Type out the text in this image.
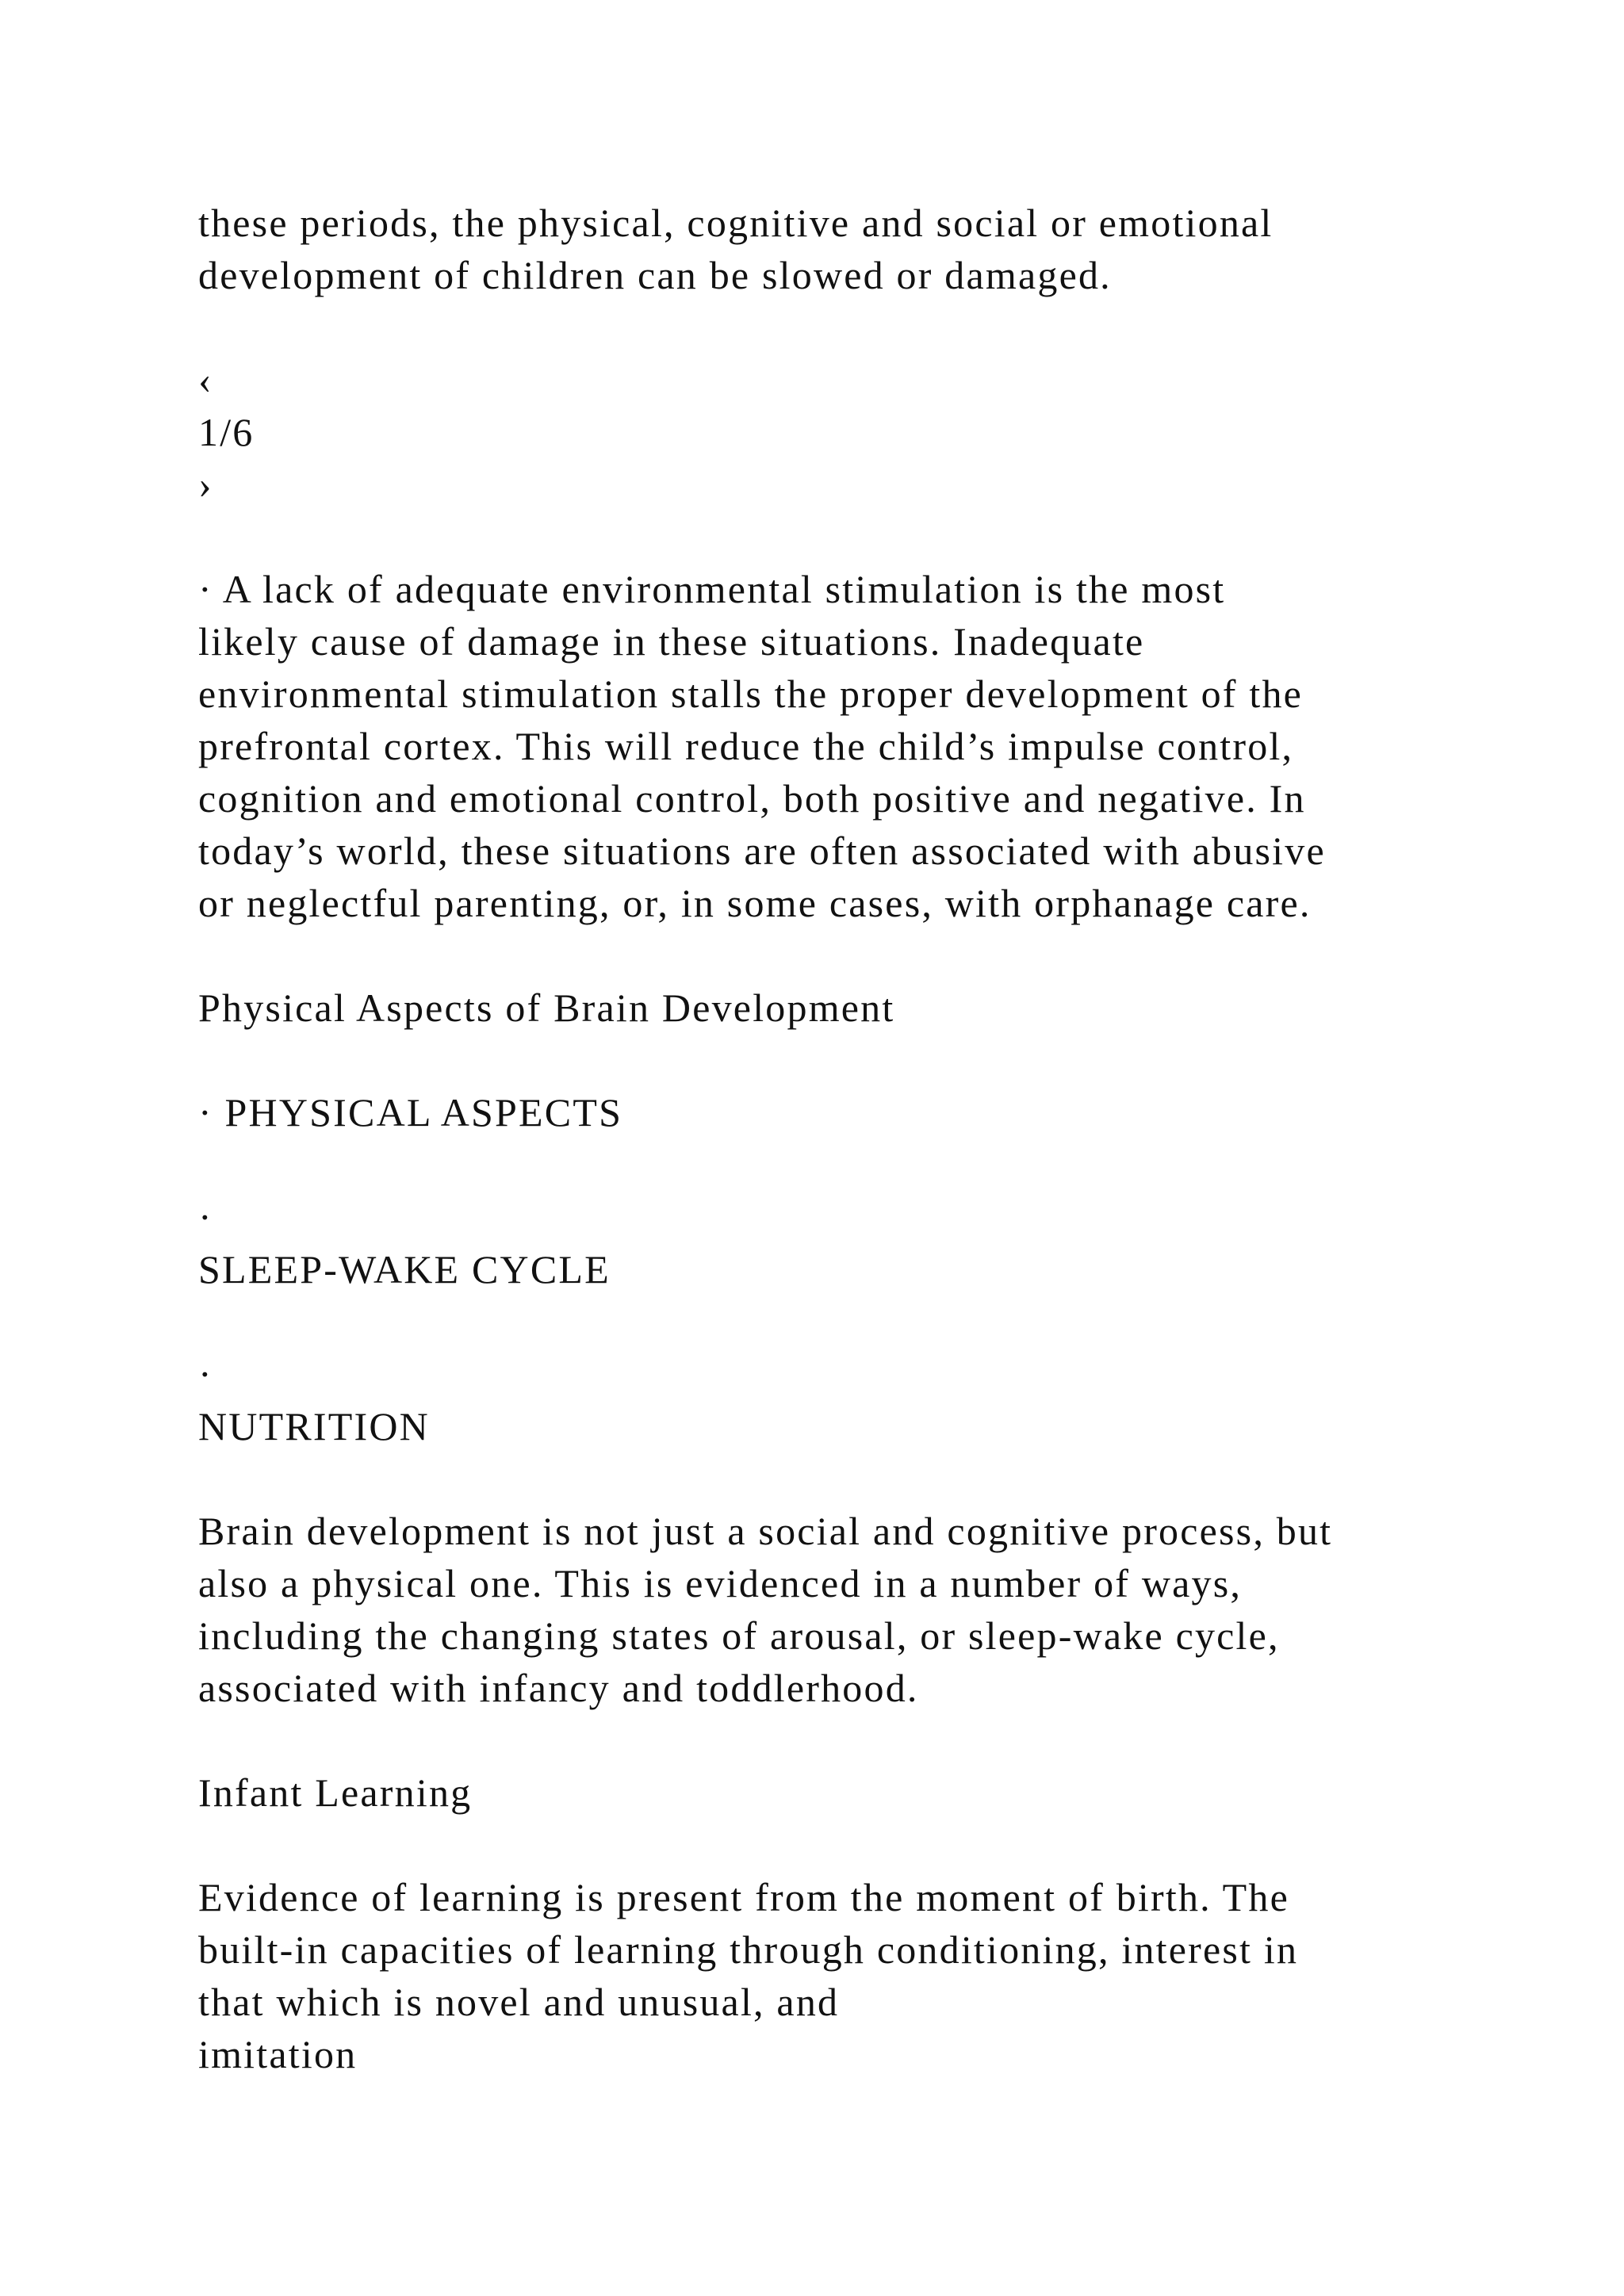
these periods, the physical, cognitive and social or emotional
development of children can be slowed or damaged.

‹
1/6
›

· A lack of adequate environmental stimulation is the most
likely cause of damage in these situations. Inadequate
environmental stimulation stalls the proper development of the
prefrontal cortex. This will reduce the child’s impulse control,
cognition and emotional control, both positive and negative. In
today’s world, these situations are often associated with abusive
or neglectful parenting, or, in some cases, with orphanage care.

Physical Aspects of Brain Development

· PHYSICAL ASPECTS

·
SLEEP-WAKE CYCLE
·
NUTRITION

Brain development is not just a social and cognitive process, but
also a physical one. This is evidenced in a number of ways,
including the changing states of arousal, or sleep-wake cycle,
associated with infancy and toddlerhood.

Infant Learning

Evidence of learning is present from the moment of birth. The
built-in capacities of learning through conditioning, interest in
that which is novel and unusual, and
imitation
